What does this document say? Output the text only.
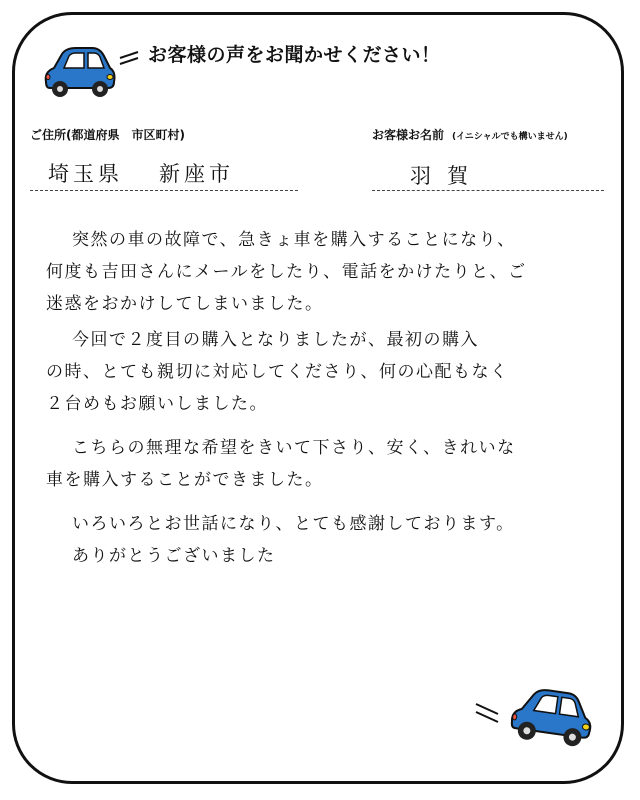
お客様の声をお聞かせください！
ご住所(都道府県　市区町村)	お客様お名前 (イニシャルでも構いません)
埼玉県 新座市	羽賀
突然の車の故障で、急きょ車を購入することになり、
何度も吉田さんにメールをしたり、電話をかけたりと、ご
迷惑をおかけしてしまいました。
今回で２度目の購入となりましたが、最初の購入
の時、とても親切に対応してくださり、何の心配もなく
２台めもお願いしました。
こちらの無理な希望をきいて下さり、安く、きれいな
車を購入することができました。
いろいろとお世話になり、とても感謝しております。
ありがとうございました
